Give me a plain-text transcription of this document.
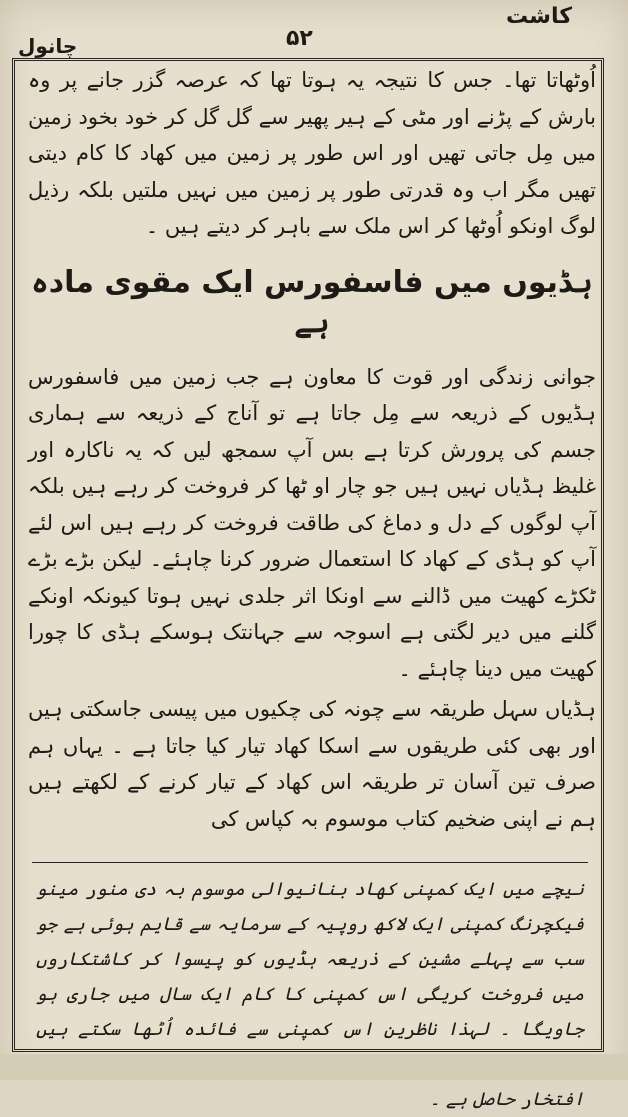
کاشت
۵۲
چانول

اُوٹھاتا تھا۔ جس کا نتیجہ یہ ہوتا تھا کہ عرصہ گزر جانے پر وہ بارش کے پڑنے اور مٹی کے ہیر پھیر سے گل گل کر خود بخود زمین میں مِل جاتی تھیں اور اس طور پر زمین میں کھاد کا کام دیتی تھیں مگر اب وہ قدرتی طور پر زمین میں نہیں ملتیں بلکہ رذیل لوگ اونکو اُوٹھا کر اس ملک سے باہر کر دیتے ہیں ۔

ہڈیوں میں فاسفورس ایک مقوی مادہ ہے

جوانی زندگی اور قوت کا معاون ہے جب زمین میں فاسفورس ہڈیوں کے ذریعہ سے مِل جاتا ہے تو آناج کے ذریعہ سے ہماری جسم کی پرورش کرتا ہے بس آپ سمجھ لیں کہ یہ ناکارہ اور غلیظ ہڈیاں نہیں ہیں جو چار او ٹھا کر فروخت کر رہے ہیں بلکہ آپ لوگوں کے دل و دماغ کی طاقت فروخت کر رہے ہیں اس لئے آپ کو ہڈی کے کھاد کا استعمال ضرور کرنا چاہئے۔ لیکن بڑے بڑے ٹکڑے کھیت میں ڈالنے سے اونکا اثر جلدی نہیں ہوتا کیونکہ اونکے گلنے میں دیر لگتی ہے اسوجہ سے جہانتک ہوسکے ہڈی کا چورا کھیت میں دینا چاہئے ۔

ہڈیاں سہل طریقہ سے چونہ کی چکیوں میں پیسی جاسکتی ہیں اور بھی کئی طریقوں سے اسکا کھاد تیار کیا جاتا ہے ۔ یہاں ہم صرف تین آسان تر طریقہ اس کھاد کے تیار کرنے کے لکھتے ہیں ہم نے اپنی ضخیم کتاب موسوم بہ کپاس کی

نیچے میں ایک کمپنی کھاد بنانیوالی موسوم بہ دی منور مینو فیکچرنگ کمپنی ایک لاکھ روپیہ کے سرمایہ سے قایم ہوئی ہے جو سب سے پہلے مشین کے ذریعہ ہڈیوں کو پیسوا کر کاشتکاروں میں فروخت کریگی اس کمپنی کا کام ایک سال میں جاری ہو جاویگا ۔ لہذا ناظرین اس کمپنی سے فائدہ اُٹھا سکتے ہیں افتخار حاصل ہے ۔
